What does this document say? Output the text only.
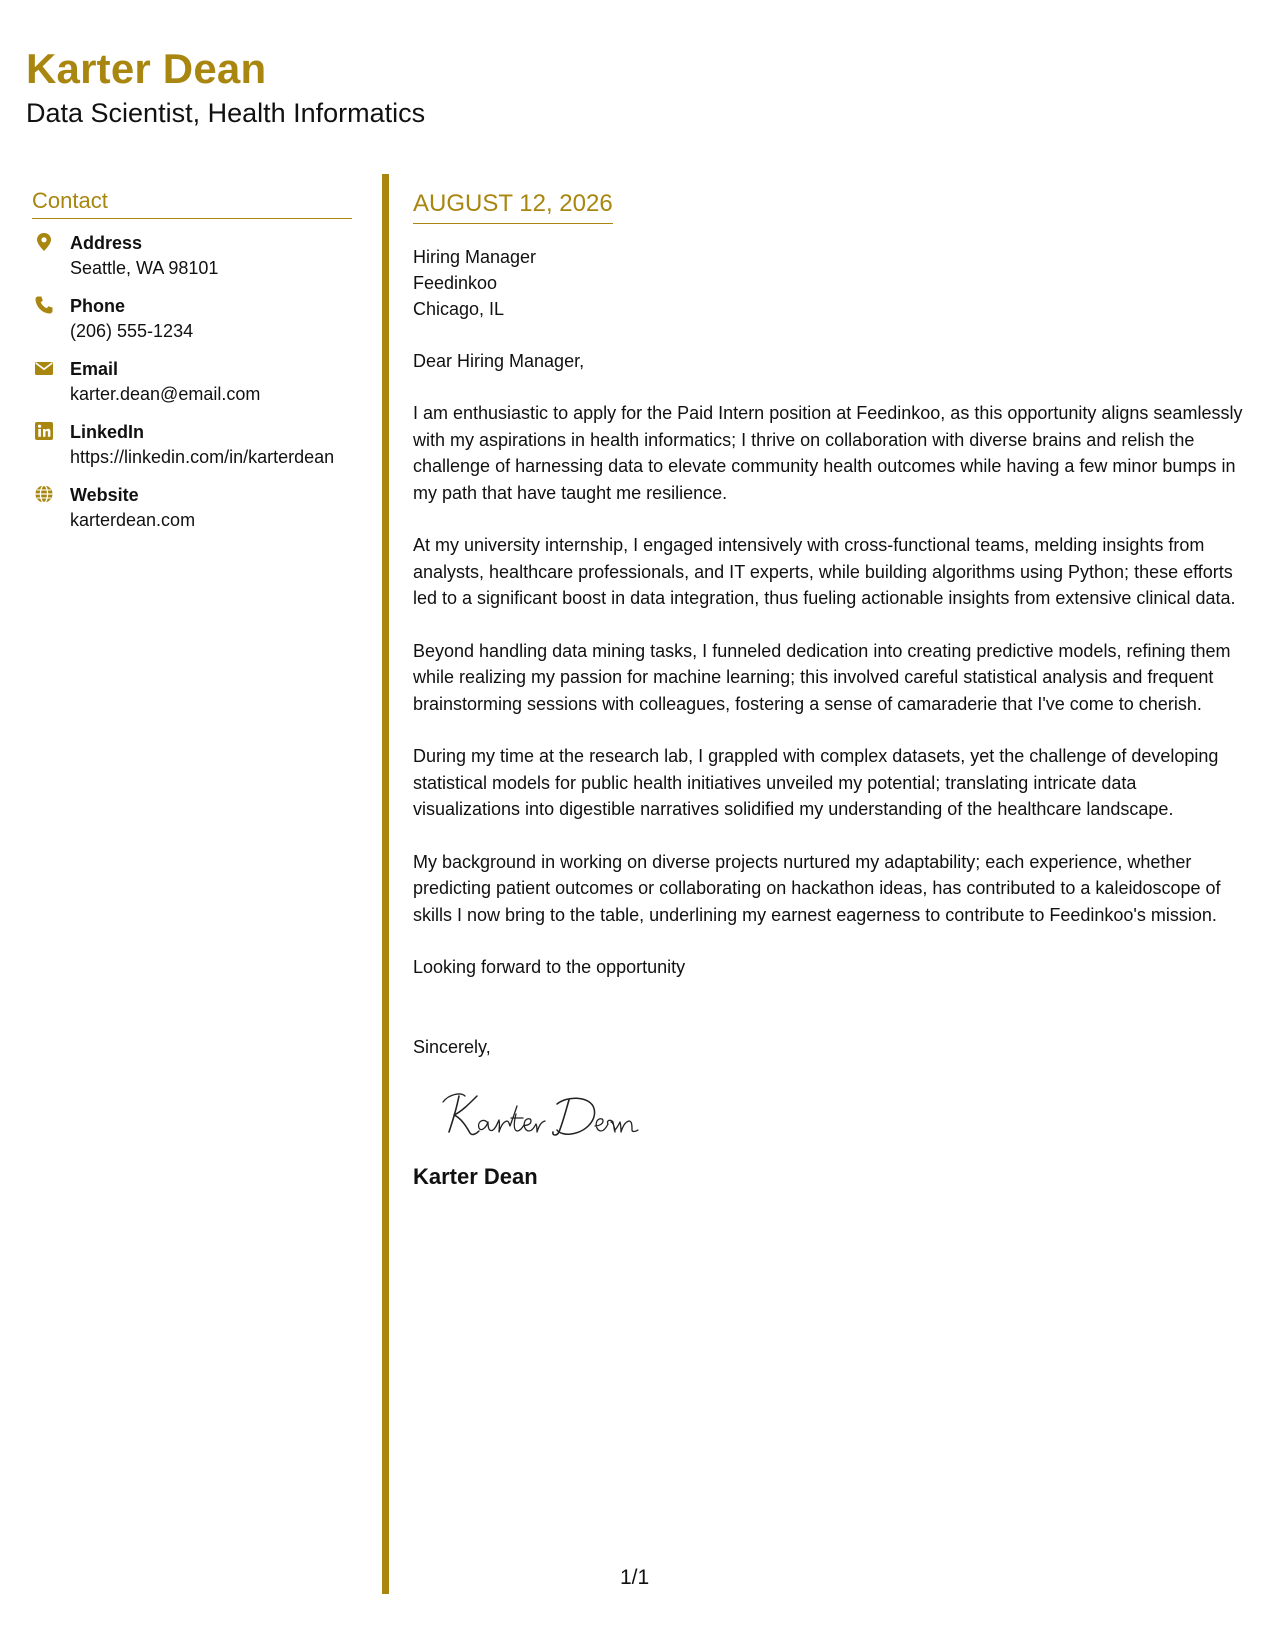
Karter Dean
Data Scientist, Health Informatics
Contact
Address
Seattle, WA 98101
Phone
(206) 555-1234
Email
karter.dean@email.com
LinkedIn
https://linkedin.com/in/karterdean
Website
karterdean.com
AUGUST 12, 2026
Hiring Manager
Feedinkoo
Chicago, IL
Dear Hiring Manager,

I am enthusiastic to apply for the Paid Intern position at Feedinkoo, as this opportunity aligns seamlessly with my aspirations in health informatics; I thrive on collaboration with diverse brains and relish the challenge of harnessing data to elevate community health outcomes while having a few minor bumps in my path that have taught me resilience.

At my university internship, I engaged intensively with cross-functional teams, melding insights from analysts, healthcare professionals, and IT experts, while building algorithms using Python; these efforts led to a significant boost in data integration, thus fueling actionable insights from extensive clinical data.

Beyond handling data mining tasks, I funneled dedication into creating predictive models, refining them while realizing my passion for machine learning; this involved careful statistical analysis and frequent brainstorming sessions with colleagues, fostering a sense of camaraderie that I've come to cherish.

During my time at the research lab, I grappled with complex datasets, yet the challenge of developing statistical models for public health initiatives unveiled my potential; translating intricate data visualizations into digestible narratives solidified my understanding of the healthcare landscape.

My background in working on diverse projects nurtured my adaptability; each experience, whether predicting patient outcomes or collaborating on hackathon ideas, has contributed to a kaleidoscope of skills I now bring to the table, underlining my earnest eagerness to contribute to Feedinkoo's mission.

Looking forward to the opportunity
Sincerely,
Karter Dean
1/1
